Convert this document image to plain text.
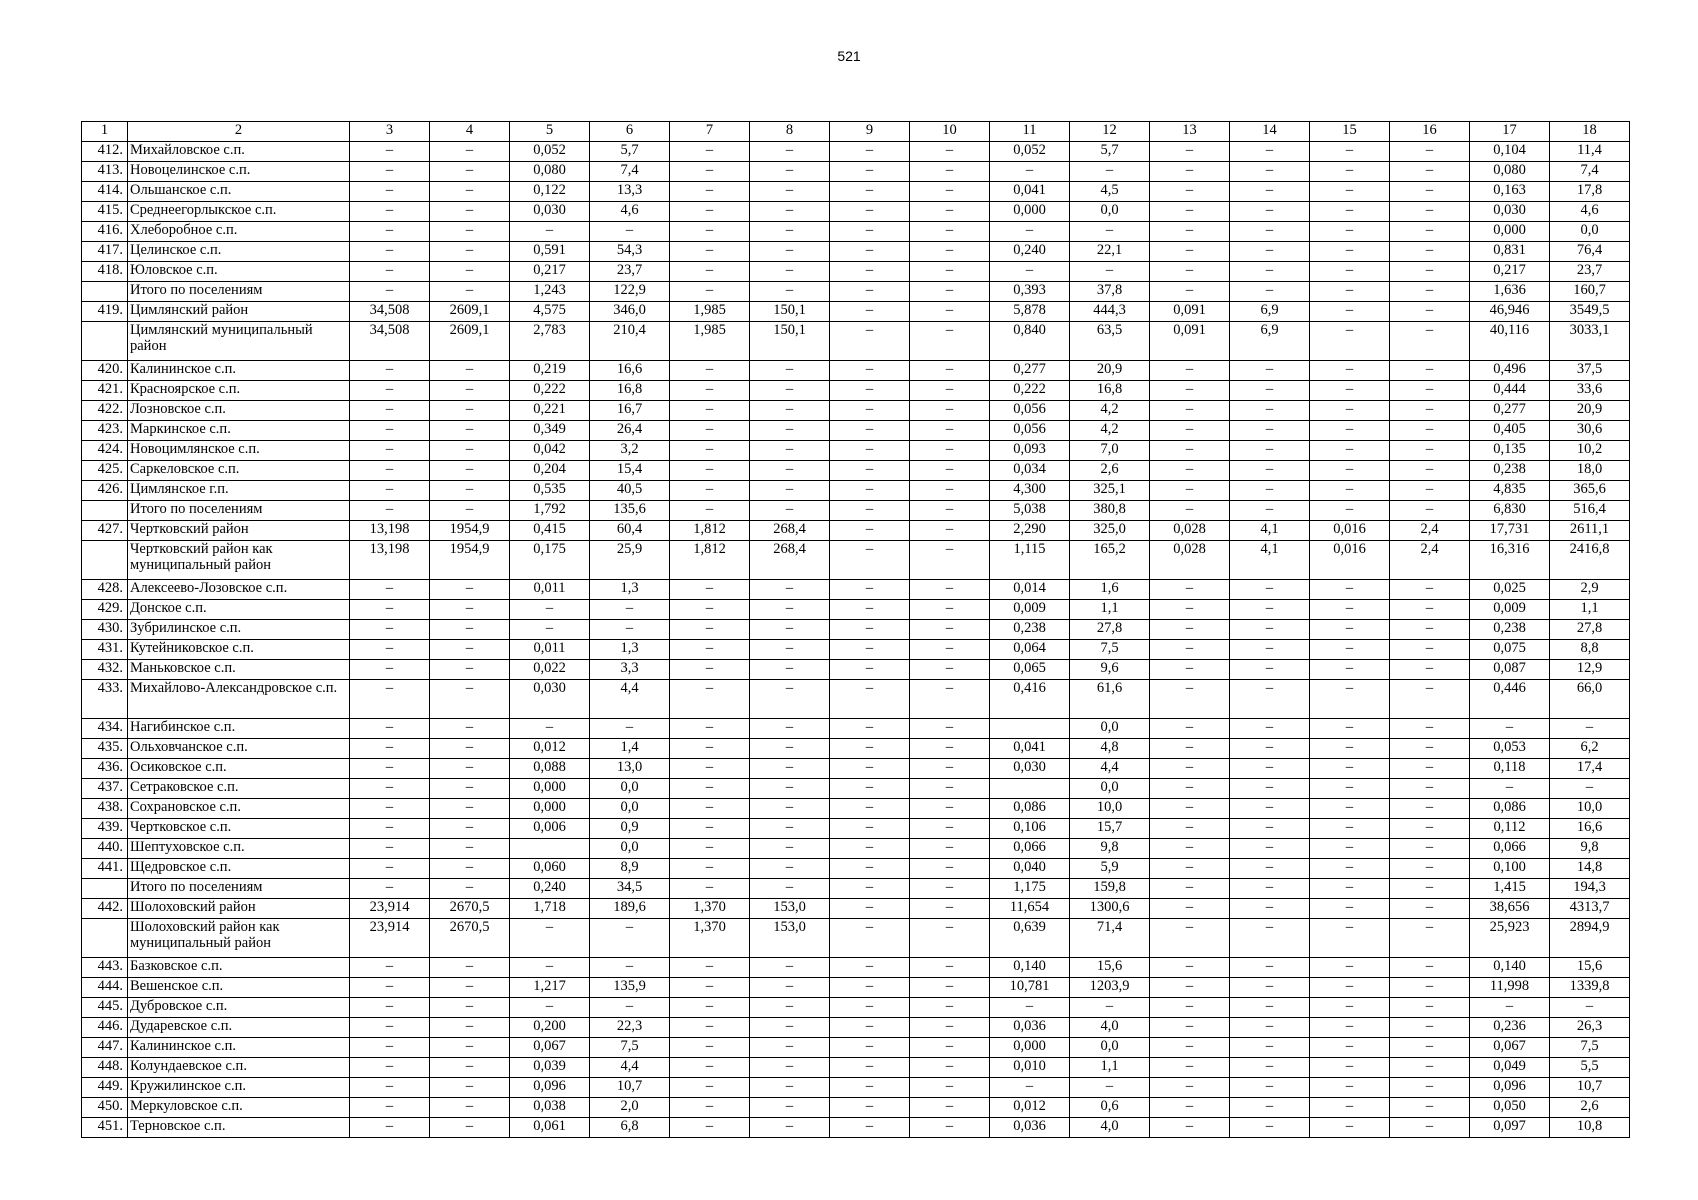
521
1	2	3	4	5	6	7	8	9	10	11	12	13	14	15	16	17	18
412.	Михайловское с.п.	–	–	0,052	5,7	–	–	–	–	0,052	5,7	–	–	–	–	0,104	11,4
413.	Новоцелинское с.п.	–	–	0,080	7,4	–	–	–	–	–	–	–	–	–	–	0,080	7,4
414.	Ольшанское с.п.	–	–	0,122	13,3	–	–	–	–	0,041	4,5	–	–	–	–	0,163	17,8
415.	Среднеегорлыкское с.п.	–	–	0,030	4,6	–	–	–	–	0,000	0,0	–	–	–	–	0,030	4,6
416.	Хлеборобное с.п.	–	–	–	–	–	–	–	–	–	–	–	–	–	–	0,000	0,0
417.	Целинское с.п.	–	–	0,591	54,3	–	–	–	–	0,240	22,1	–	–	–	–	0,831	76,4
418.	Юловское с.п.	–	–	0,217	23,7	–	–	–	–	–	–	–	–	–	–	0,217	23,7
	Итого по поселениям	–	–	1,243	122,9	–	–	–	–	0,393	37,8	–	–	–	–	1,636	160,7
419.	Цимлянский район	34,508	2609,1	4,575	346,0	1,985	150,1	–	–	5,878	444,3	0,091	6,9	–	–	46,946	3549,5
	Цимлянский муниципальный район	34,508	2609,1	2,783	210,4	1,985	150,1	–	–	0,840	63,5	0,091	6,9	–	–	40,116	3033,1
420.	Калининское с.п.	–	–	0,219	16,6	–	–	–	–	0,277	20,9	–	–	–	–	0,496	37,5
421.	Красноярское с.п.	–	–	0,222	16,8	–	–	–	–	0,222	16,8	–	–	–	–	0,444	33,6
422.	Лозновское с.п.	–	–	0,221	16,7	–	–	–	–	0,056	4,2	–	–	–	–	0,277	20,9
423.	Маркинское с.п.	–	–	0,349	26,4	–	–	–	–	0,056	4,2	–	–	–	–	0,405	30,6
424.	Новоцимлянское с.п.	–	–	0,042	3,2	–	–	–	–	0,093	7,0	–	–	–	–	0,135	10,2
425.	Саркеловское с.п.	–	–	0,204	15,4	–	–	–	–	0,034	2,6	–	–	–	–	0,238	18,0
426.	Цимлянское г.п.	–	–	0,535	40,5	–	–	–	–	4,300	325,1	–	–	–	–	4,835	365,6
	Итого по поселениям	–	–	1,792	135,6	–	–	–	–	5,038	380,8	–	–	–	–	6,830	516,4
427.	Чертковский район	13,198	1954,9	0,415	60,4	1,812	268,4	–	–	2,290	325,0	0,028	4,1	0,016	2,4	17,731	2611,1
	Чертковский район как муниципальный район	13,198	1954,9	0,175	25,9	1,812	268,4	–	–	1,115	165,2	0,028	4,1	0,016	2,4	16,316	2416,8
428.	Алексеево-Лозовское с.п.	–	–	0,011	1,3	–	–	–	–	0,014	1,6	–	–	–	–	0,025	2,9
429.	Донское с.п.	–	–	–	–	–	–	–	–	0,009	1,1	–	–	–	–	0,009	1,1
430.	Зубрилинское с.п.	–	–	–	–	–	–	–	–	0,238	27,8	–	–	–	–	0,238	27,8
431.	Кутейниковское с.п.	–	–	0,011	1,3	–	–	–	–	0,064	7,5	–	–	–	–	0,075	8,8
432.	Маньковское с.п.	–	–	0,022	3,3	–	–	–	–	0,065	9,6	–	–	–	–	0,087	12,9
433.	Михайлово-Александровское с.п.	–	–	0,030	4,4	–	–	–	–	0,416	61,6	–	–	–	–	0,446	66,0
434.	Нагибинское с.п.	–	–	–	–	–	–	–	–		0,0	–	–	–	–	–	–
435.	Ольховчанское с.п.	–	–	0,012	1,4	–	–	–	–	0,041	4,8	–	–	–	–	0,053	6,2
436.	Осиковское с.п.	–	–	0,088	13,0	–	–	–	–	0,030	4,4	–	–	–	–	0,118	17,4
437.	Сетраковское с.п.	–	–	0,000	0,0	–	–	–	–		0,0	–	–	–	–	–	–
438.	Сохрановское с.п.	–	–	0,000	0,0	–	–	–	–	0,086	10,0	–	–	–	–	0,086	10,0
439.	Чертковское с.п.	–	–	0,006	0,9	–	–	–	–	0,106	15,7	–	–	–	–	0,112	16,6
440.	Шептуховское с.п.	–	–		0,0	–	–	–	–	0,066	9,8	–	–	–	–	0,066	9,8
441.	Щедровское с.п.	–	–	0,060	8,9	–	–	–	–	0,040	5,9	–	–	–	–	0,100	14,8
	Итого по поселениям	–	–	0,240	34,5	–	–	–	–	1,175	159,8	–	–	–	–	1,415	194,3
442.	Шолоховский район	23,914	2670,5	1,718	189,6	1,370	153,0	–	–	11,654	1300,6	–	–	–	–	38,656	4313,7
	Шолоховский район как муниципальный район	23,914	2670,5	–	–	1,370	153,0	–	–	0,639	71,4	–	–	–	–	25,923	2894,9
443.	Базковское с.п.	–	–	–	–	–	–	–	–	0,140	15,6	–	–	–	–	0,140	15,6
444.	Вешенское с.п.	–	–	1,217	135,9	–	–	–	–	10,781	1203,9	–	–	–	–	11,998	1339,8
445.	Дубровское с.п.	–	–	–	–	–	–	–	–	–	–	–	–	–	–	–	–
446.	Дударевское с.п.	–	–	0,200	22,3	–	–	–	–	0,036	4,0	–	–	–	–	0,236	26,3
447.	Калининское с.п.	–	–	0,067	7,5	–	–	–	–	0,000	0,0	–	–	–	–	0,067	7,5
448.	Колундаевское с.п.	–	–	0,039	4,4	–	–	–	–	0,010	1,1	–	–	–	–	0,049	5,5
449.	Кружилинское с.п.	–	–	0,096	10,7	–	–	–	–	–	–	–	–	–	–	0,096	10,7
450.	Меркуловское с.п.	–	–	0,038	2,0	–	–	–	–	0,012	0,6	–	–	–	–	0,050	2,6
451.	Терновское с.п.	–	–	0,061	6,8	–	–	–	–	0,036	4,0	–	–	–	–	0,097	10,8
